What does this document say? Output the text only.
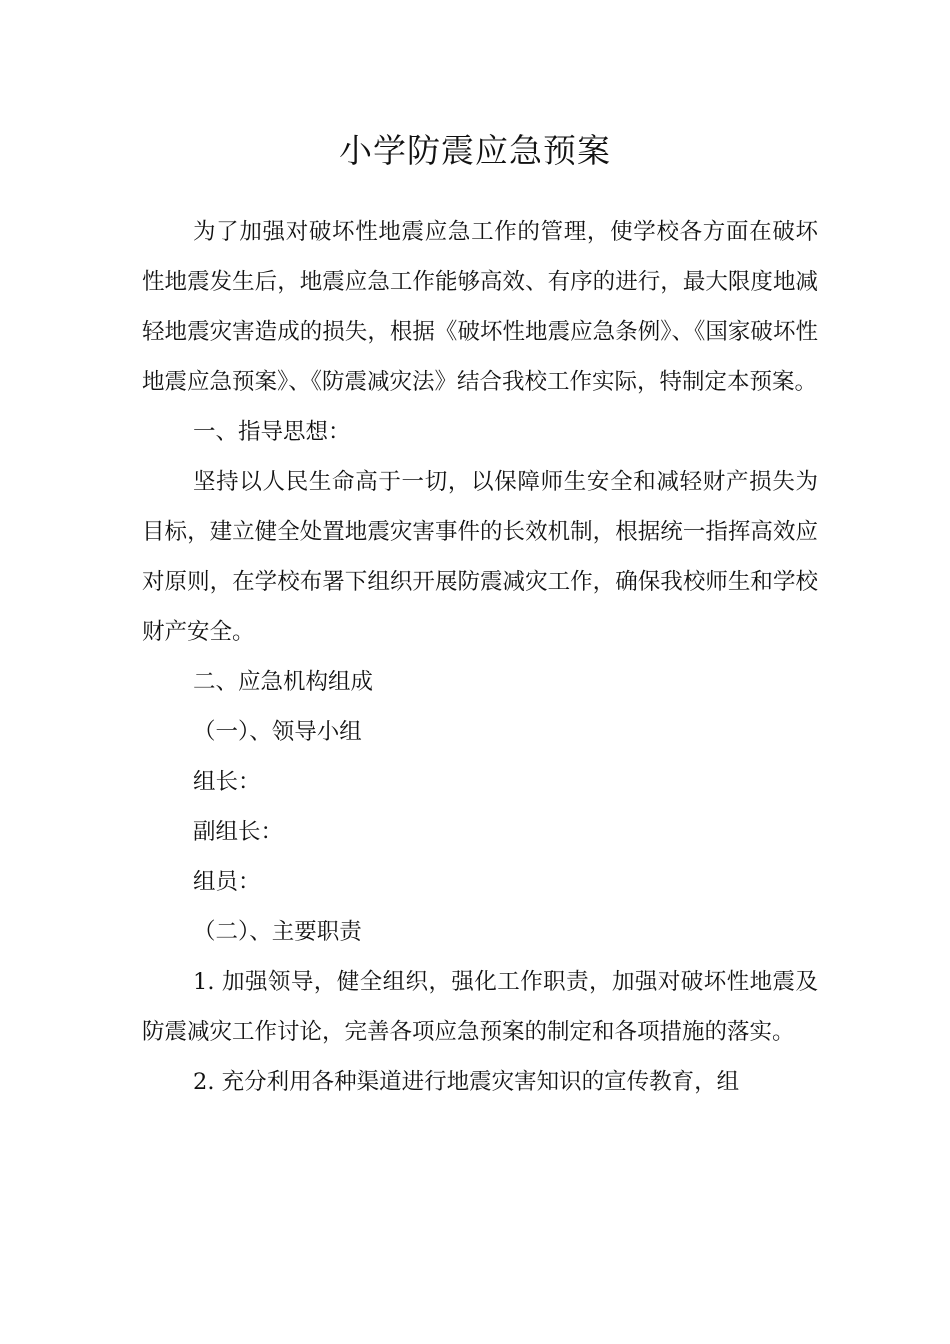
小学防震应急预案

为了加强对破坏性地震应急工作的管理，使学校各方面在破坏性地震发生后，地震应急工作能够高效、有序的进行，最大限度地减轻地震灾害造成的损失，根据《破坏性地震应急条例》、《国家破坏性地震应急预案》、《防震减灾法》结合我校工作实际，特制定本预案。

一、指导思想：

坚持以人民生命高于一切，以保障师生安全和减轻财产损失为目标，建立健全处置地震灾害事件的长效机制，根据统一指挥高效应对原则，在学校布署下组织开展防震减灾工作，确保我校师生和学校财产安全。

二、应急机构组成

（一）、领导小组

组长：

副组长：

组员：

（二）、主要职责

1. 加强领导，健全组织，强化工作职责，加强对破坏性地震及防震减灾工作讨论，完善各项应急预案的制定和各项措施的落实。

2. 充分利用各种渠道进行地震灾害知识的宣传教育，组
